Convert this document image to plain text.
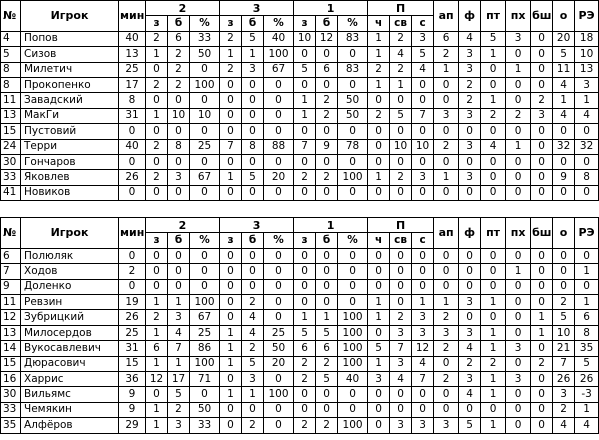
№	Игрок	мин	2			3			1			П			ап	ф	пт	пх	бш	о	РЭ
			з	б	%	з	б	%	з	б	%	ч	св	с							
4	Попов	40	2	6	33	2	5	40	10	12	83	1	2	3	6	4	5	3	0	20	18
5	Сизов	13	1	2	50	1	1	100	0	0	0	1	4	5	2	3	1	0	0	5	10
8	Милетич	25	0	2	0	2	3	67	5	6	83	2	2	4	1	3	0	1	0	11	13
8	Прокопенко	17	2	2	100	0	0	0	0	0	0	1	1	0	0	2	0	0	0	4	3
11	Завадский	8	0	0	0	0	0	0	1	2	50	0	0	0	0	2	1	0	2	1	1
13	МакГи	31	1	10	10	0	0	0	1	2	50	2	5	7	3	3	2	2	3	4	4
15	Пустовий	0	0	0	0	0	0	0	0	0	0	0	0	0	0	0	0	0	0	0	0
24	Терри	40	2	8	25	7	8	88	7	9	78	0	10	10	2	3	4	1	0	32	32
30	Гончаров	0	0	0	0	0	0	0	0	0	0	0	0	0	0	0	0	0	0	0	0
33	Яковлев	26	2	3	67	1	5	20	2	2	100	1	2	3	1	3	0	0	0	9	8
41	Новиков	0	0	0	0	0	0	0	0	0	0	0	0	0	0	0	0	0	0	0	0
№	Игрок	мин	2			3			1			П			ап	ф	пт	пх	бш	о	РЭ
			з	б	%	з	б	%	з	б	%	ч	св	с							
6	Полюляк	0	0	0	0	0	0	0	0	0	0	0	0	0	0	0	0	0	0	0	0
7	Ходов	2	0	0	0	0	0	0	0	0	0	0	0	0	0	0	0	1	0	0	1
9	Доленко	0	0	0	0	0	0	0	0	0	0	0	0	0	0	0	0	0	0	0	0
11	Ревзин	19	1	1	100	0	2	0	0	0	0	1	0	1	1	3	1	0	0	2	1
12	Зубрицкий	26	2	3	67	0	4	0	1	1	100	1	2	3	2	0	0	0	1	5	6
13	Милосердов	25	1	4	25	1	4	25	5	5	100	0	3	3	3	3	1	0	1	10	8
14	Вукосавлевич	31	6	7	86	1	2	50	6	6	100	5	7	12	2	4	1	3	0	21	35
15	Дюрасович	15	1	1	100	1	5	20	2	2	100	1	3	4	0	2	2	0	2	7	5
16	Харрис	36	12	17	71	0	3	0	2	5	40	3	4	7	2	3	1	3	0	26	26
30	Вильямс	9	0	5	0	1	1	100	0	0	0	0	0	0	0	4	1	0	0	3	-3
33	Чемякин	9	1	2	50	0	0	0	0	0	0	0	0	0	0	0	0	0	0	2	1
35	Алфёров	29	1	3	33	0	2	0	2	2	100	0	3	3	3	5	1	0	0	4	4
